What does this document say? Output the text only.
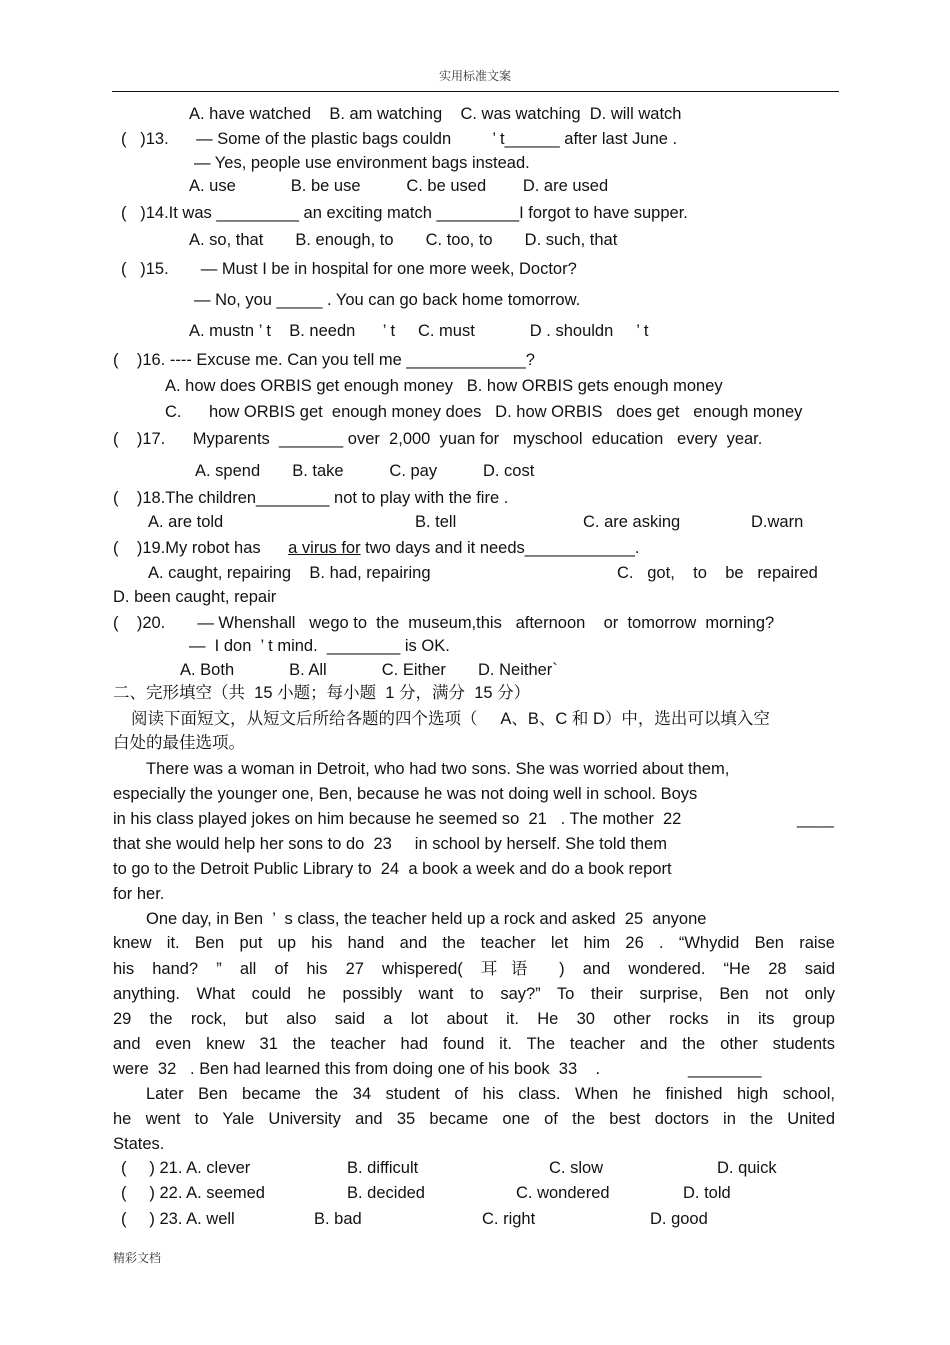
实用标准文案
A. have watched    B. am watching    C. was watching  D. will watch
(   )13.      — Some of the plastic bags couldn         ’ t______ after last June .
— Yes, people use environment bags instead.
A. use            B. be use          C. be used        D. are used
(   )14.It was _________ an exciting match _________I forgot to have supper.
A. so, that       B. enough, to       C. too, to       D. such, that
(   )15.       — Must I be in hospital for one more week, Doctor?
— No, you _____ . You can go back home tomorrow.
A. mustn ’ t    B. needn      ’ t     C. must            D . shouldn     ’ t
(    )16. ---- Excuse me. Can you tell me _____________?
A. how does ORBIS get enough money   B. how ORBIS gets enough money
C.      how ORBIS get  enough money does   D. how ORBIS   does get   enough money
(    )17.      Myparents  _______ over  2,000  yuan for   myschool  education   every  year.
A. spend       B. take          C. pay          D. cost
(    )18.The children________ not to play with the fire .
A. are told	B. tell	C. are asking	D.warn
(    )19.My robot has a virus for two days and it needs____________.
A. caught, repairing    B. had, repairing	C.   got,    to    be   repaired
D. been caught, repair
(    )20.       — Whenshall   wego to  the  museum,this   afternoon    or  tomorrow  morning?
—  I don  ’ t mind.  ________ is OK.
A. Both            B. All            C. Either       D. Neither`
二、完形填空（共  15 小题；每小题  1 分，满分  15 分）
阅读下面短文，从短文后所给各题的四个选项（     A、B、C 和 D）中，选出可以填入空
白处的最佳选项。
There was a woman in Detroit, who had two sons. She was worried about them,
especially the younger one, Ben, because he was not doing well in school. Boys
in his class played jokes on him because he seemed so  21   . The mother  22	____
that she would help her sons to do  23     in school by herself. She told them
to go to the Detroit Public Library to  24  a book a week and do a book report
for her.
One day, in Ben  ’  s class, the teacher held up a rock and asked  25  anyone
knew it. Ben put up his hand and the teacher let him 26 . “Whydid Ben raise
his hand? ” all of his 27 whispered( 耳语 ) and wondered. “He 28 said
anything. What could he possibly want to say?” To their surprise, Ben not only
29 the rock, but also said a lot about it. He 30 other rocks in its group
and even knew 31 the teacher had found it. The teacher and the other students
were  32   . Ben had learned this from doing one of his book  33    .	________
Later Ben became the 34 student of his class. When he finished high school,
he went to Yale University and 35 became one of the best doctors in the United
States.
(     ) 21. A. clever	B. difficult	C. slow	D. quick
(     ) 22. A. seemed	B. decided	C. wondered	D. told
(     ) 23. A. well	B. bad	C. right	D. good
精彩文档
